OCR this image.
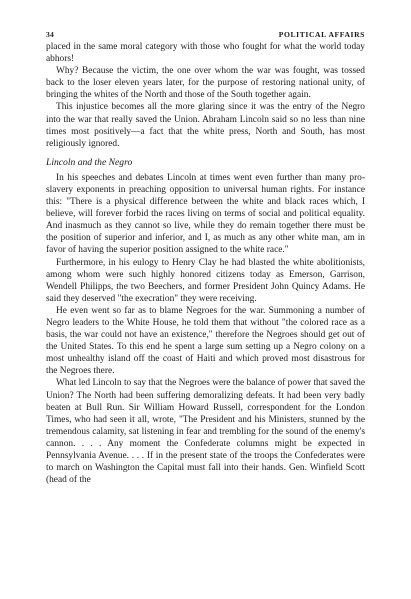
34	POLITICAL AFFAIRS

placed in the same moral category with those who fought for what the world today abhors!

Why? Because the victim, the one over whom the war was fought, was tossed back to the loser eleven years later, for the purpose of restoring national unity, of bringing the whites of the North and those of the South together again.

This injustice becomes all the more glaring since it was the entry of the Negro into the war that really saved the Union. Abraham Lincoln said so no less than nine times most positively—a fact that the white press, North and South, has most religiously ignored.

Lincoln and the Negro

In his speeches and debates Lincoln at times went even further than many pro-slavery exponents in preaching opposition to universal human rights. For instance this: "There is a physical difference between the white and black races which, I believe, will forever forbid the races living on terms of social and political equality. And inasmuch as they cannot so live, while they do remain together there must be the position of superior and inferior, and I, as much as any other white man, am in favor of having the superior position assigned to the white race."

Furthermore, in his eulogy to Henry Clay he had blasted the white abolitionists, among whom were such highly honored citizens today as Emerson, Garrison, Wendell Philipps, the two Beechers, and former President John Quincy Adams. He said they deserved "the execration" they were receiving.

He even went so far as to blame Negroes for the war. Summoning a number of Negro leaders to the White House, he told them that without "the colored race as a basis, the war could not have an existence," therefore the Negroes should get out of the United States. To this end he spent a large sum setting up a Negro colony on a most unhealthy island off the coast of Haiti and which proved most disastrous for the Negroes there.

What led Lincoln to say that the Negroes were the balance of power that saved the Union? The North had been suffering demoralizing defeats. It had been very badly beaten at Bull Run. Sir William Howard Russell, correspondent for the London Times, who had seen it all, wrote, "The President and his Ministers, stunned by the tremendous calamity, sat listening in fear and trembling for the sound of the enemy's cannon. . . . Any moment the Confederate columns might be expected in Pennsylvania Avenue. . . . If in the present state of the troops the Confederates were to march on Washington the Capital must fall into their hands. Gen. Winfield Scott (head of the
